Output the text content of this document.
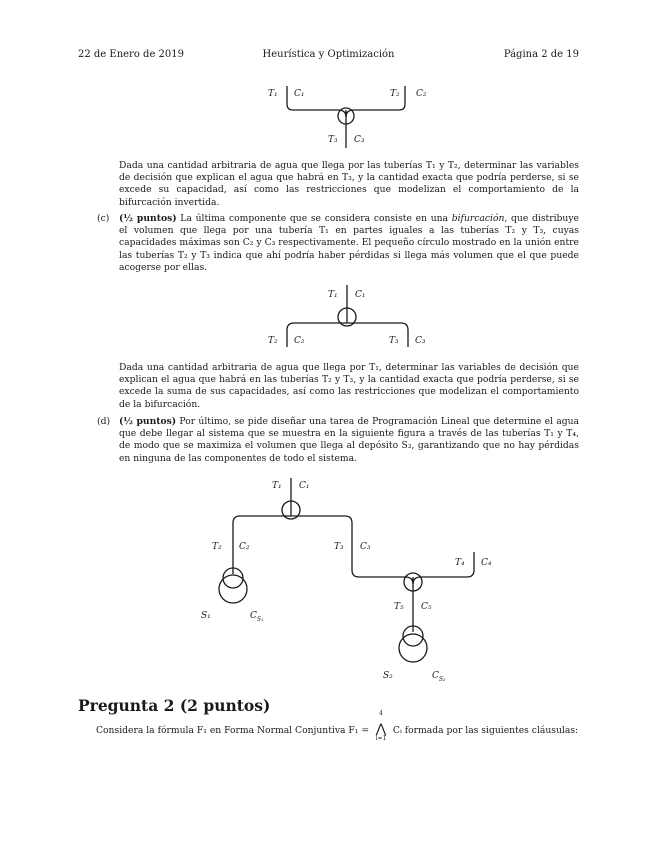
22 de Enero de 2019	Heurística y Optimización	Página 2 de 19
T₁ C₁	T₂ C₂
T₃ C₃
Dada una cantidad arbitraria de agua que llega por las tuberías T₁ y T₂, determinar las variables de decisión que explican el agua que habrá en T₃, y la cantidad exacta que podría perderse, si se excede su capacidad, así como las restricciones que modelizan el comportamiento de la bifurcación invertida.
(c) (½ puntos) La última componente que se considera consiste en una bifurcación, que distribuye el volumen que llega por una tubería T₁ en partes iguales a las tuberías T₂ y T₃, cuyas capacidades máximas son C₂ y C₃ respectivamente. El pequeño círculo mostrado en la unión entre las tuberías T₂ y T₃ indica que ahí podría haber pérdidas si llega más volumen que el que puede acogerse por ellas.
T₁ C₁
T₂ C₂	T₃ C₃
Dada una cantidad arbitraria de agua que llega por T₁, determinar las variables de decisión que explican el agua que habrá en las tuberías T₂ y T₃, y la cantidad exacta que podría perderse, si se excede la suma de sus capacidades, así como las restricciones que modelizan el comportamiento de la bifurcación.
(d) (½ puntos) Por último, se pide diseñar una tarea de Programación Lineal que determine el agua que debe llegar al sistema que se muestra en la siguiente figura a través de las tuberías T₁ y T₄, de modo que se maximiza el volumen que llega al depósito S₂, garantizando que no hay pérdidas en ninguna de las componentes de todo el sistema.
T₁ C₁
T₂ C₂	T₃ C₃
T₄ C₄
T₅ C₅
S₁	$C_{S_1}$
S₂	$C_{S_2}$
Pregunta 2 (2 puntos)
Considera la fórmula F₁ en Forma Normal Conjuntiva F₁ =
4
⋀
i=1
Cᵢ formada por las siguientes cláusulas:
